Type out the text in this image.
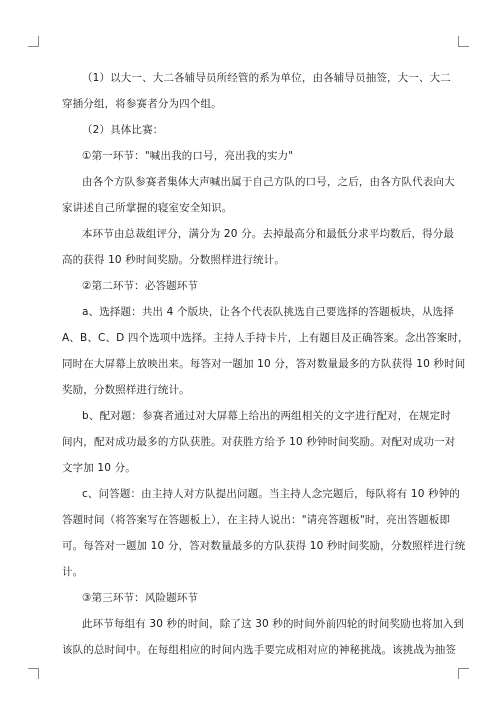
（1）以大一、大二各辅导员所经管的系为单位，由各辅导员抽签，大一、大二
穿插分组，将参赛者分为四个组。
（2）具体比赛：
①第一环节："喊出我的口号，亮出我的实力"
由各个方队参赛者集体大声喊出属于自己方队的口号，之后，由各方队代表向大
家讲述自己所掌握的寝室安全知识。
本环节由总裁组评分，满分为 20 分。去掉最高分和最低分求平均数后，得分最
高的获得 10 秒时间奖励。分数照样进行统计。
②第二环节：必答题环节
a、选择题：共出 4 个版块，让各个代表队挑选自己要选择的答题板块，从选择
A、B、C、D 四个选项中选择。主持人手持卡片，上有题目及正确答案。念出答案时，
同时在大屏幕上放映出来。每答对一题加 10 分，答对数量最多的方队获得 10 秒时间
奖励，分数照样进行统计。
b、配对题：参赛者通过对大屏幕上给出的两组相关的文字进行配对，在规定时
间内，配对成功最多的方队获胜。对获胜方给予 10 秒钟时间奖励。对配对成功一对
文字加 10 分。
c、问答题：由主持人对方队提出问题。当主持人念完题后，每队将有 10 秒钟的
答题时间（将答案写在答题板上），在主持人说出："请亮答题板"时，亮出答题板即
可。每答对一题加 10 分，答对数量最多的方队获得 10 秒时间奖励，分数照样进行统
计。
③第三环节：风险题环节
此环节每组有 30 秒的时间，除了这 30 秒的时间外前四轮的时间奖励也将加入到
该队的总时间中。在每组相应的时间内选手要完成相对应的神秘挑战。该挑战为抽签
